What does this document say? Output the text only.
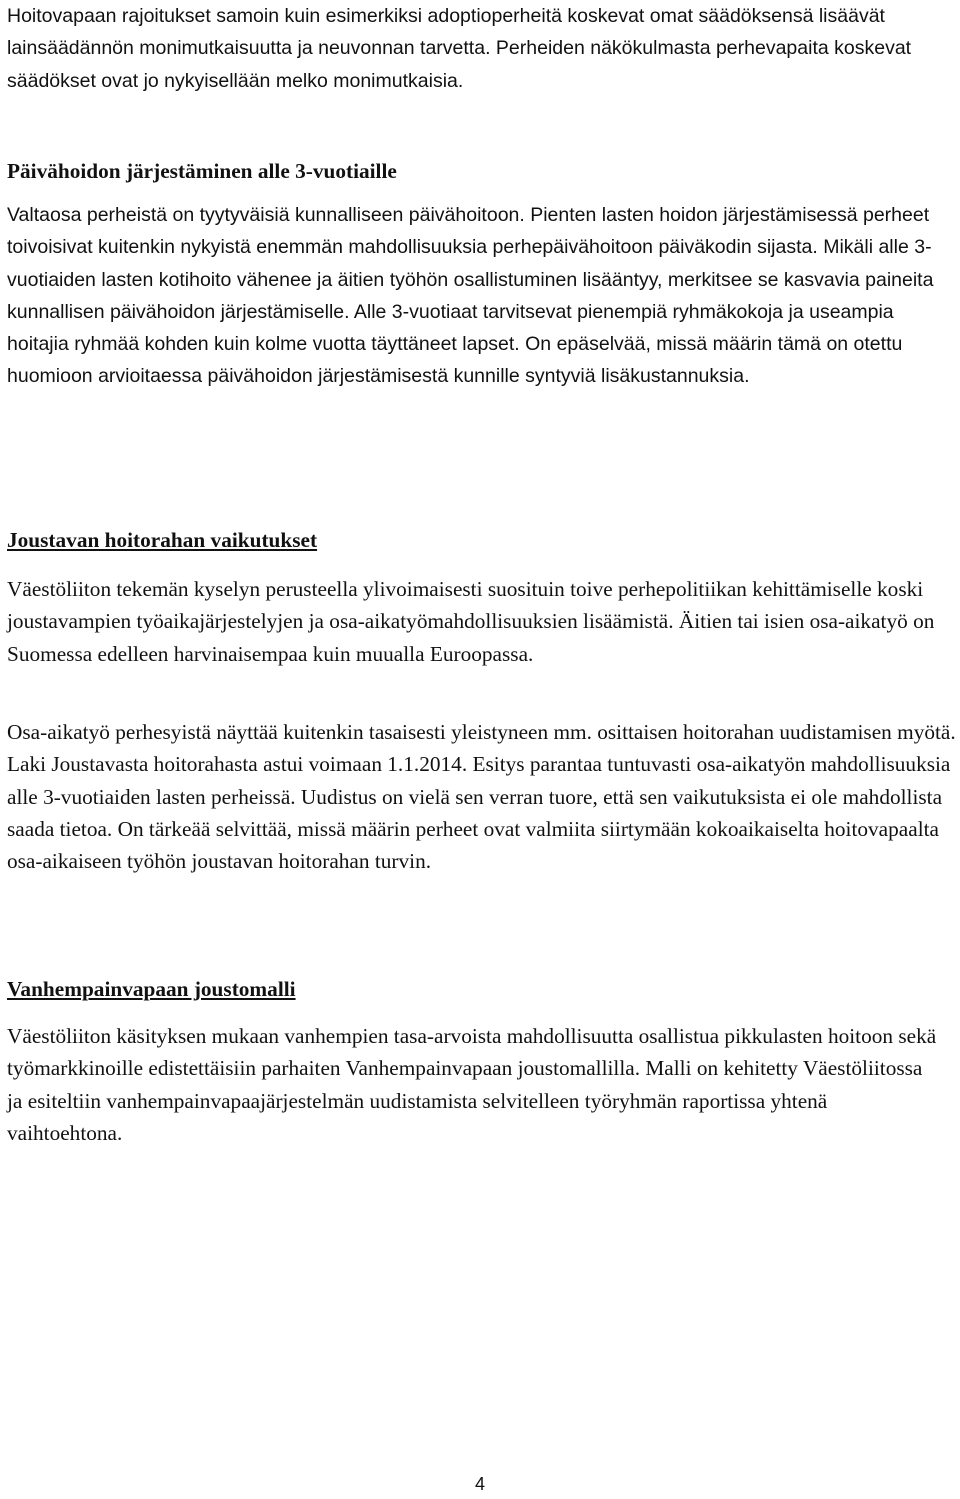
Hoitovapaan rajoitukset samoin kuin esimerkiksi adoptioperheitä koskevat omat säädöksensä lisäävät lainsäädännön monimutkaisuutta ja neuvonnan tarvetta. Perheiden näkökulmasta perhevapaita koskevat säädökset ovat jo nykyisellään melko monimutkaisia.

Päivähoidon järjestäminen alle 3-vuotiaille

Valtaosa perheistä on tyytyväisiä kunnalliseen päivähoitoon. Pienten lasten hoidon järjestämisessä perheet toivoisivat kuitenkin nykyistä enemmän mahdollisuuksia perhepäivähoitoon päiväkodin sijasta. Mikäli alle 3-vuotiaiden lasten kotihoito vähenee ja äitien työhön osallistuminen lisääntyy, merkitsee se kasvavia paineita kunnallisen päivähoidon järjestämiselle. Alle 3-vuotiaat tarvitsevat pienempiä ryhmäkokoja ja useampia hoitajia ryhmää kohden kuin kolme vuotta täyttäneet lapset. On epäselvää, missä määrin tämä on otettu huomioon arvioitaessa päivähoidon järjestämisestä kunnille syntyviä lisäkustannuksia.

Joustavan hoitorahan vaikutukset

Väestöliiton tekemän kyselyn perusteella ylivoimaisesti suosituin toive perhepolitiikan kehittämiselle koski joustavampien työaikajärjestelyjen ja osa-aikatyömahdollisuuksien lisäämistä. Äitien tai isien osa-aikatyö on Suomessa edelleen harvinaisempaa kuin muualla Euroopassa.

Osa-aikatyö perhesyistä näyttää kuitenkin tasaisesti yleistyneen mm. osittaisen hoitorahan uudistamisen myötä. Laki Joustavasta hoitorahasta astui voimaan 1.1.2014. Esitys parantaa tuntuvasti osa-aikatyön mahdollisuuksia alle 3-vuotiaiden lasten perheissä. Uudistus on vielä sen verran tuore, että sen vaikutuksista ei ole mahdollista saada tietoa. On tärkeää selvittää, missä määrin perheet ovat valmiita siirtymään kokoaikaiselta hoitovapaalta osa-aikaiseen työhön joustavan hoitorahan turvin.

Vanhempainvapaan joustomalli

Väestöliiton käsityksen mukaan vanhempien tasa-arvoista mahdollisuutta osallistua pikkulasten hoitoon sekä työmarkkinoille edistettäisiin parhaiten Vanhempainvapaan joustomallilla. Malli on kehitetty Väestöliitossa ja esiteltiin vanhempainvapaajärjestelmän uudistamista selvitelleen työryhmän raportissa yhtenä vaihtoehtona.

4
